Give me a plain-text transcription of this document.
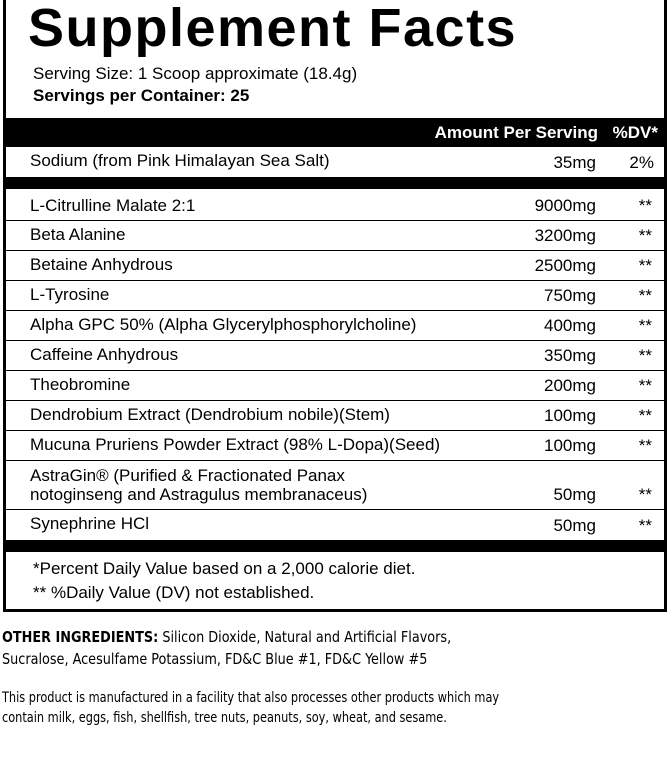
Supplement Facts
Serving Size: 1 Scoop approximate (18.4g)
Servings per Container: 25
Amount Per Serving %DV*
Sodium (from Pink Himalayan Sea Salt)	35mg 2%
L-Citrulline Malate 2:1	9000mg	**
Beta Alanine	3200mg	**
Betaine Anhydrous	2500mg	**
L-Tyrosine	750mg	**
Alpha GPC 50% (Alpha Glycerylphosphorylcholine)	400mg	**
Caffeine Anhydrous	350mg	**
Theobromine	200mg	**
Dendrobium Extract (Dendrobium nobile)(Stem)	100mg	**
Mucuna Pruriens Powder Extract (98% L-Dopa)(Seed)	100mg	**
AstraGin® (Purified & Fractionated Panax
notoginseng and Astragulus membranaceus)	50mg	**
Synephrine HCl	50mg	**
*Percent Daily Value based on a 2,000 calorie diet.
** %Daily Value (DV) not established.
OTHER INGREDIENTS: Silicon Dioxide, Natural and Artificial Flavors,
Sucralose, Acesulfame Potassium, FD&C Blue #1, FD&C Yellow #5
This product is manufactured in a facility that also processes other products which may
contain milk, eggs, fish, shellfish, tree nuts, peanuts, soy, wheat, and sesame.
